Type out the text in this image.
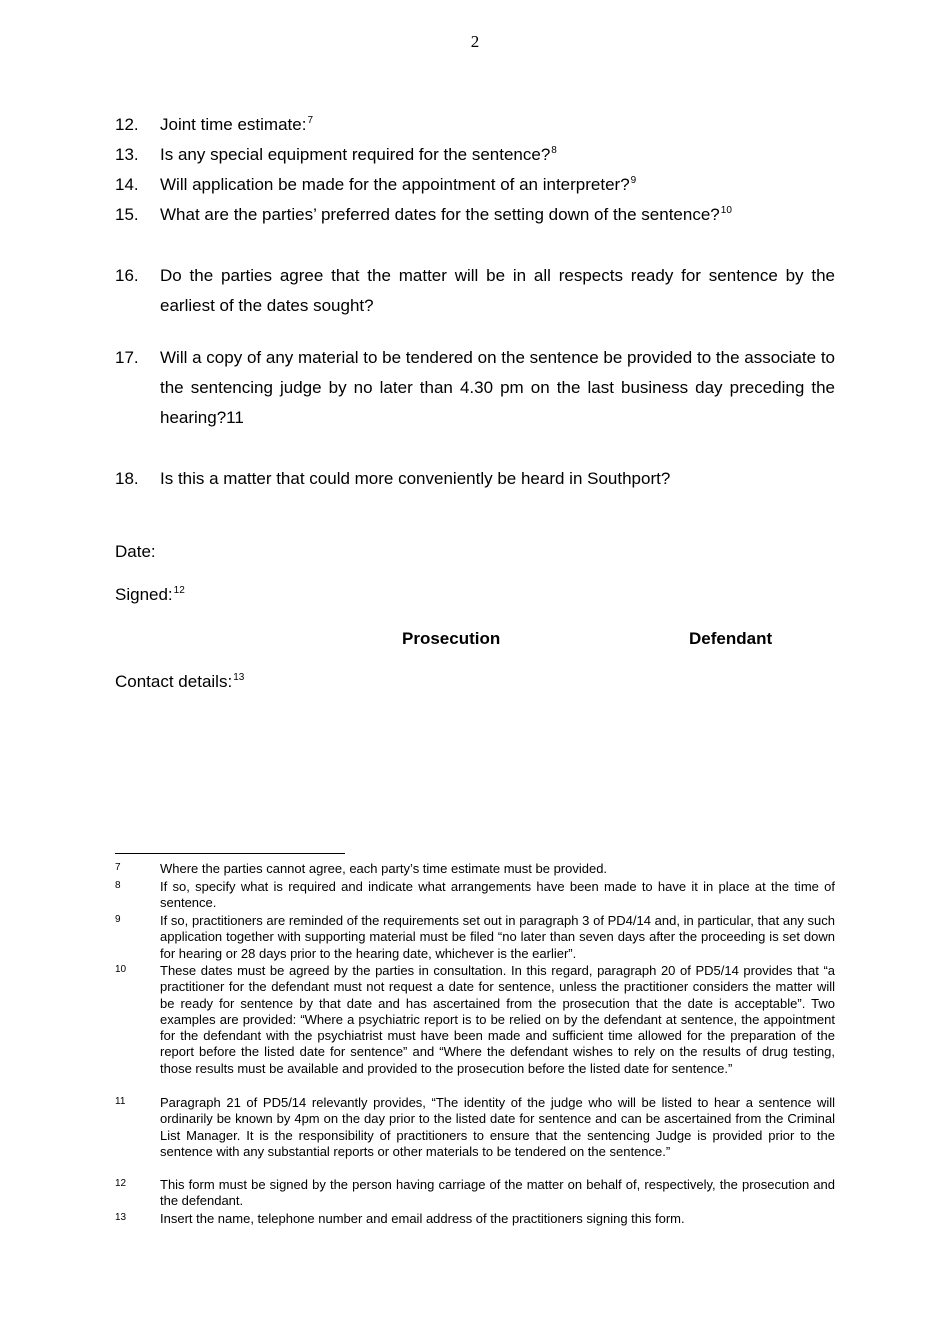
2
12.	Joint time estimate:$^7$
13.	Is any special equipment required for the sentence?$^8$
14.	Will application be made for the appointment of an interpreter?$^9$
15.	What are the parties’ preferred dates for the setting down of the sentence?$^{10}$
16.	Do the parties agree that the matter will be in all respects ready for sentence by the earliest of the dates sought?
17.	Will a copy of any material to be tendered on the sentence be provided to the associate to the sentencing judge by no later than 4.30 pm on the last business day preceding the hearing?11
18.	Is this a matter that could more conveniently be heard in Southport?
Date:
Signed:$^{12}$
Prosecution	Defendant
Contact details:$^{13}$
7	Where the parties cannot agree, each party’s time estimate must be provided.
8	If so, specify what is required and indicate what arrangements have been made to have it in place at the time of sentence.
9	If so, practitioners are reminded of the requirements set out in paragraph 3 of PD4/14 and, in particular, that any such application together with supporting material must be filed “no later than seven days after the proceeding is set down for hearing or 28 days prior to the hearing date, whichever is the earlier”.
10	These dates must be agreed by the parties in consultation. In this regard, paragraph 20 of PD5/14 provides that “a practitioner for the defendant must not request a date for sentence, unless the practitioner considers the matter will be ready for sentence by that date and has ascertained from the prosecution that the date is acceptable”. Two examples are provided: “Where a psychiatric report is to be relied on by the defendant at sentence, the appointment for the defendant with the psychiatrist must have been made and sufficient time allowed for the preparation of the report before the listed date for sentence” and “Where the defendant wishes to rely on the results of drug testing, those results must be available and provided to the prosecution before the listed date for sentence.”
11	Paragraph 21 of PD5/14 relevantly provides, “The identity of the judge who will be listed to hear a sentence will ordinarily be known by 4pm on the day prior to the listed date for sentence and can be ascertained from the Criminal List Manager. It is the responsibility of practitioners to ensure that the sentencing Judge is provided prior to the sentence with any substantial reports or other materials to be tendered on the sentence.”
12	This form must be signed by the person having carriage of the matter on behalf of, respectively, the prosecution and the defendant.
13	Insert the name, telephone number and email address of the practitioners signing this form.
